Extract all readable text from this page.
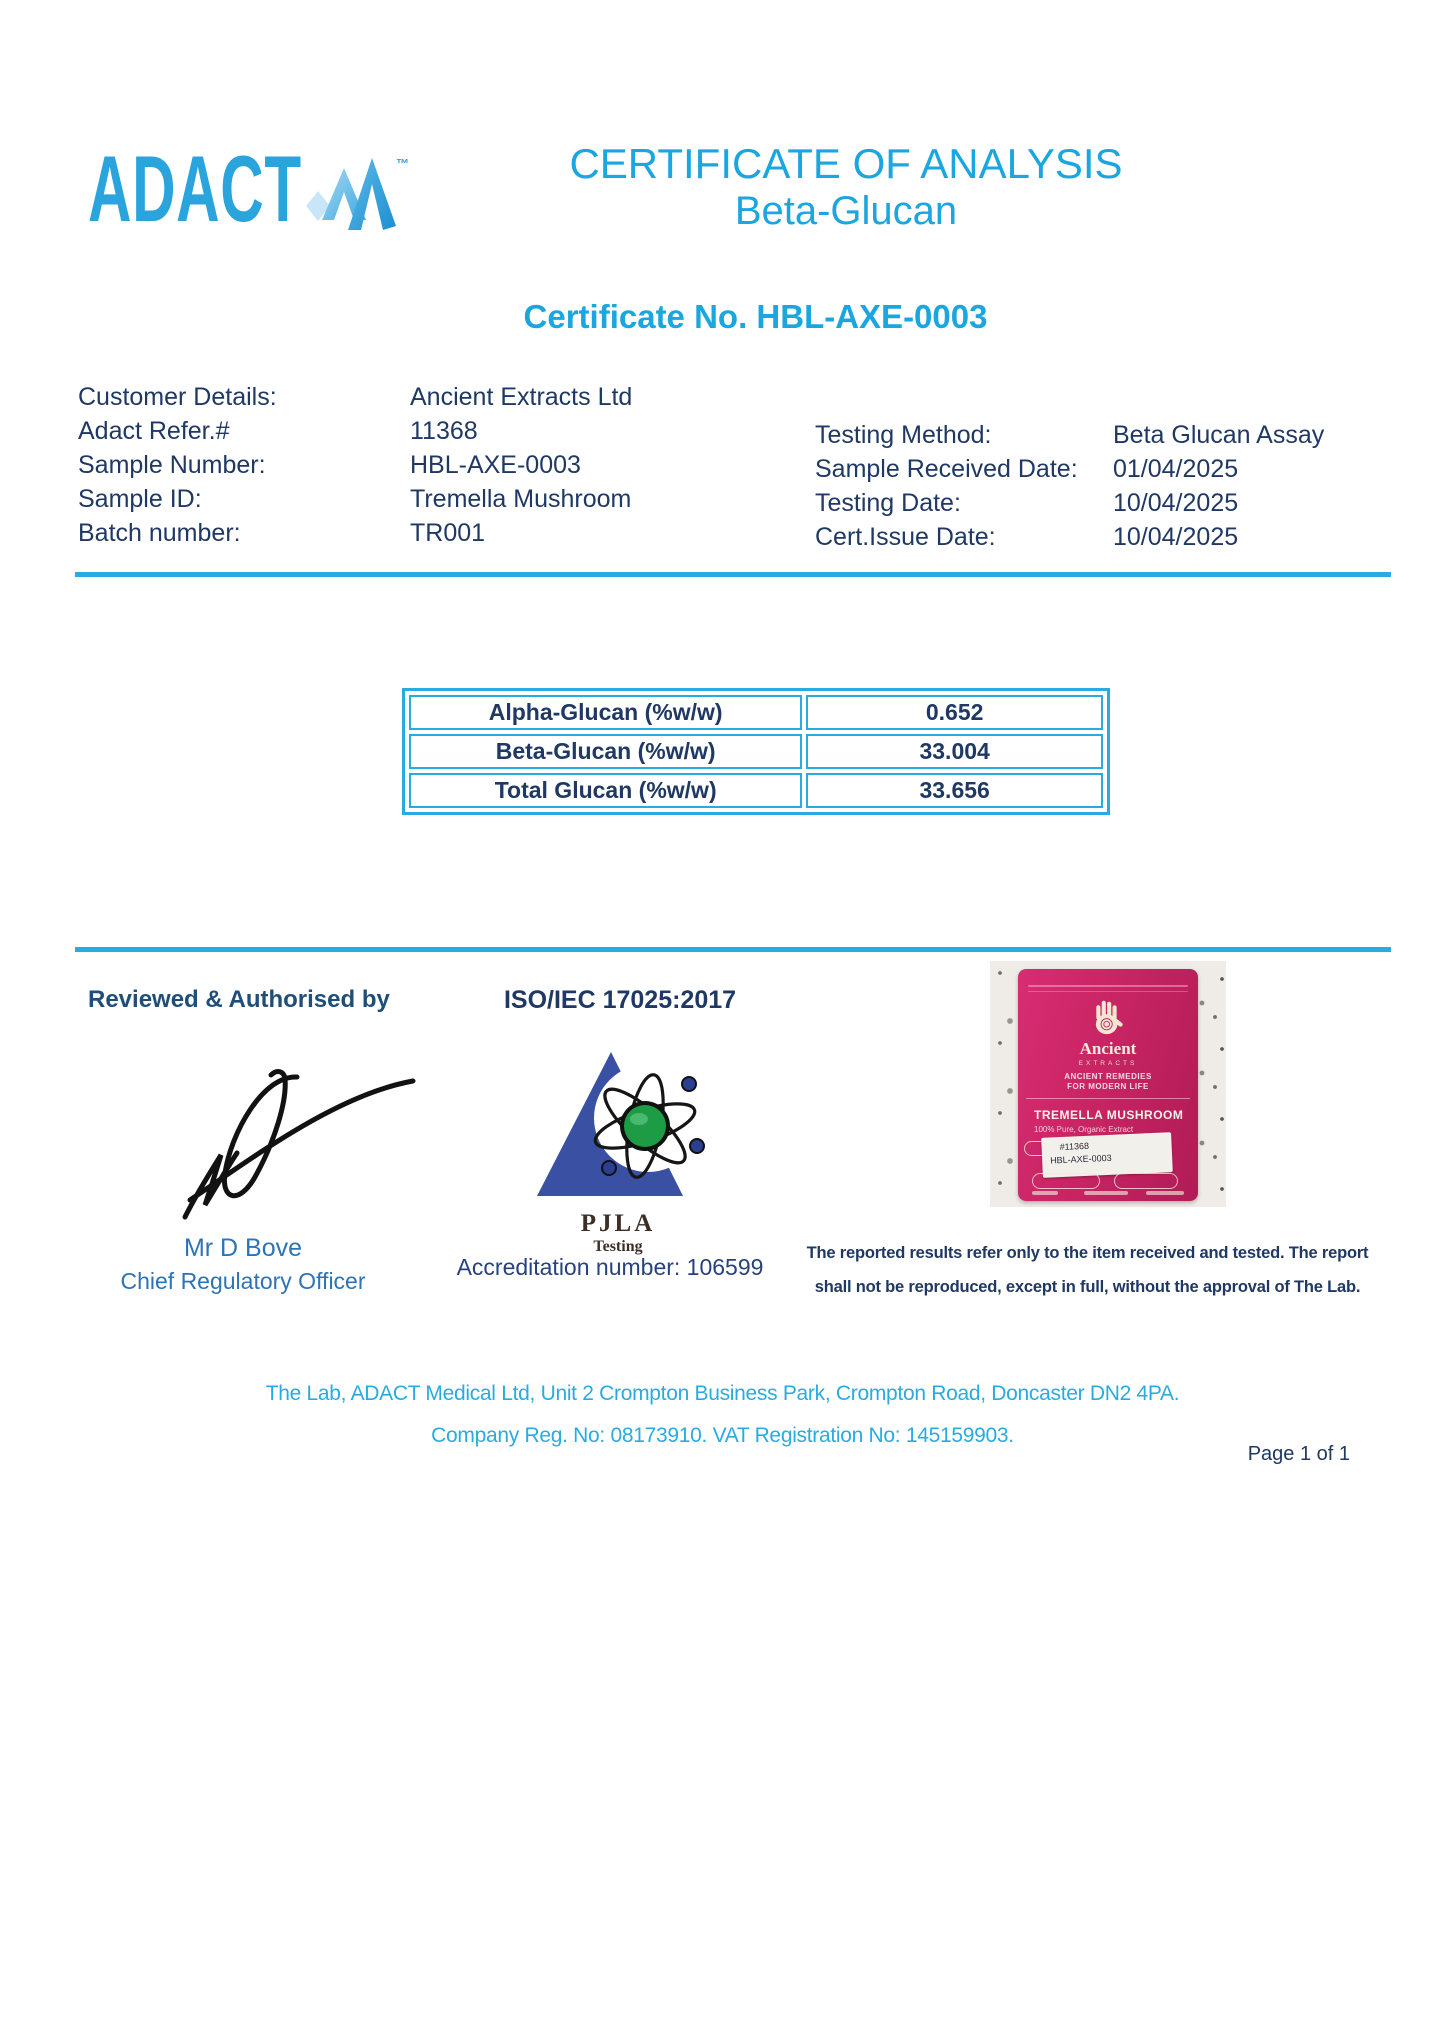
ADACT	™	CERTIFICATE OF ANALYSIS
Beta-Glucan
Certificate No. HBL-AXE-0003
Customer Details:	Ancient Extracts Ltd
Adact Refer.#	11368
Sample Number:	HBL-AXE-0003
Sample ID:	Tremella Mushroom
Batch number:	TR001
Testing Method:	Beta Glucan Assay
Sample Received Date:	01/04/2025
Testing Date:	10/04/2025
Cert.Issue Date:	10/04/2025
Alpha-Glucan (%w/w)	0.652
Beta-Glucan (%w/w)	33.004
Total Glucan (%w/w)	33.656
Reviewed & Authorised by	ISO/IEC 17025:2017
Mr D Bove
Chief Regulatory Officer
PJLA
Testing
Accreditation number: 106599
Ancient
EXTRACTS
ANCIENT REMEDIES
FOR MODERN LIFE
TREMELLA MUSHROOM
100% Pure, Organic Extract
#11368
HBL-AXE-0003
The reported results refer only to the item received and tested. The report
shall not be reproduced, except in full, without the approval of The Lab.
The Lab, ADACT Medical Ltd, Unit 2 Crompton Business Park, Crompton Road, Doncaster DN2 4PA.
Company Reg. No: 08173910. VAT Registration No: 145159903.
Page 1 of 1
